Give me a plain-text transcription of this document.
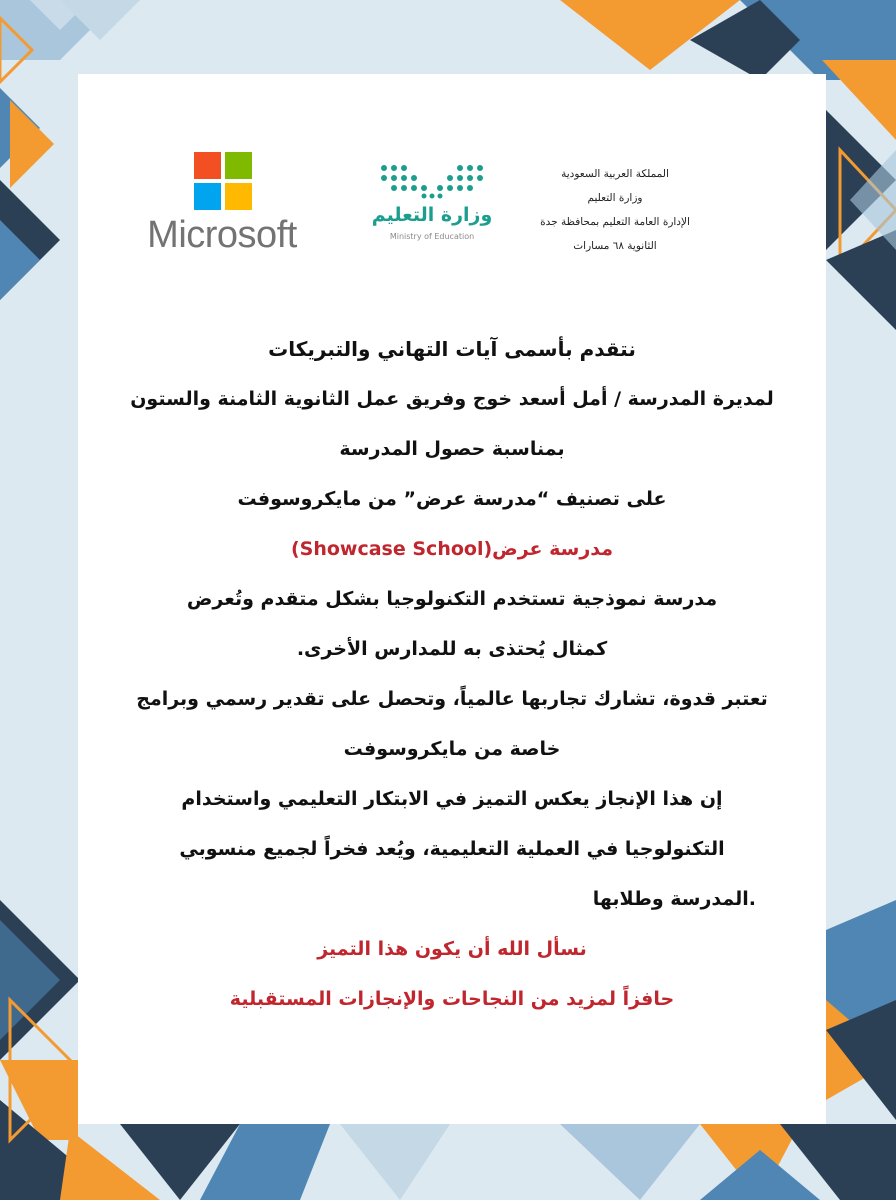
Microsoft	وزارة التعليم
Ministry of Education
المملكة العربية السعودية
وزارة التعليم
الإدارة العامة التعليم بمحافظة جدة
الثانوية ٦٨ مسارات
نتقدم بأسمى آيات التهاني والتبريكات
لمديرة المدرسة / أمل أسعد خوج وفريق عمل الثانوية الثامنة والستون
بمناسبة حصول المدرسة
على تصنيف “مدرسة عرض” من مايكروسوفت
مدرسة عرض(Showcase School)
مدرسة نموذجية تستخدم التكنولوجيا بشكل متقدم وتُعرض
كمثال يُحتذى به للمدارس الأخرى.
تعتبر قدوة، تشارك تجاربها عالمياً، وتحصل على تقدير رسمي وبرامج
خاصة من مايكروسوفت
إن هذا الإنجاز يعكس التميز في الابتكار التعليمي واستخدام
التكنولوجيا في العملية التعليمية، ويُعد فخراً لجميع منسوبي
.المدرسة وطلابها
نسأل الله أن يكون هذا التميز
حافزاً لمزيد من النجاحات والإنجازات المستقبلية
